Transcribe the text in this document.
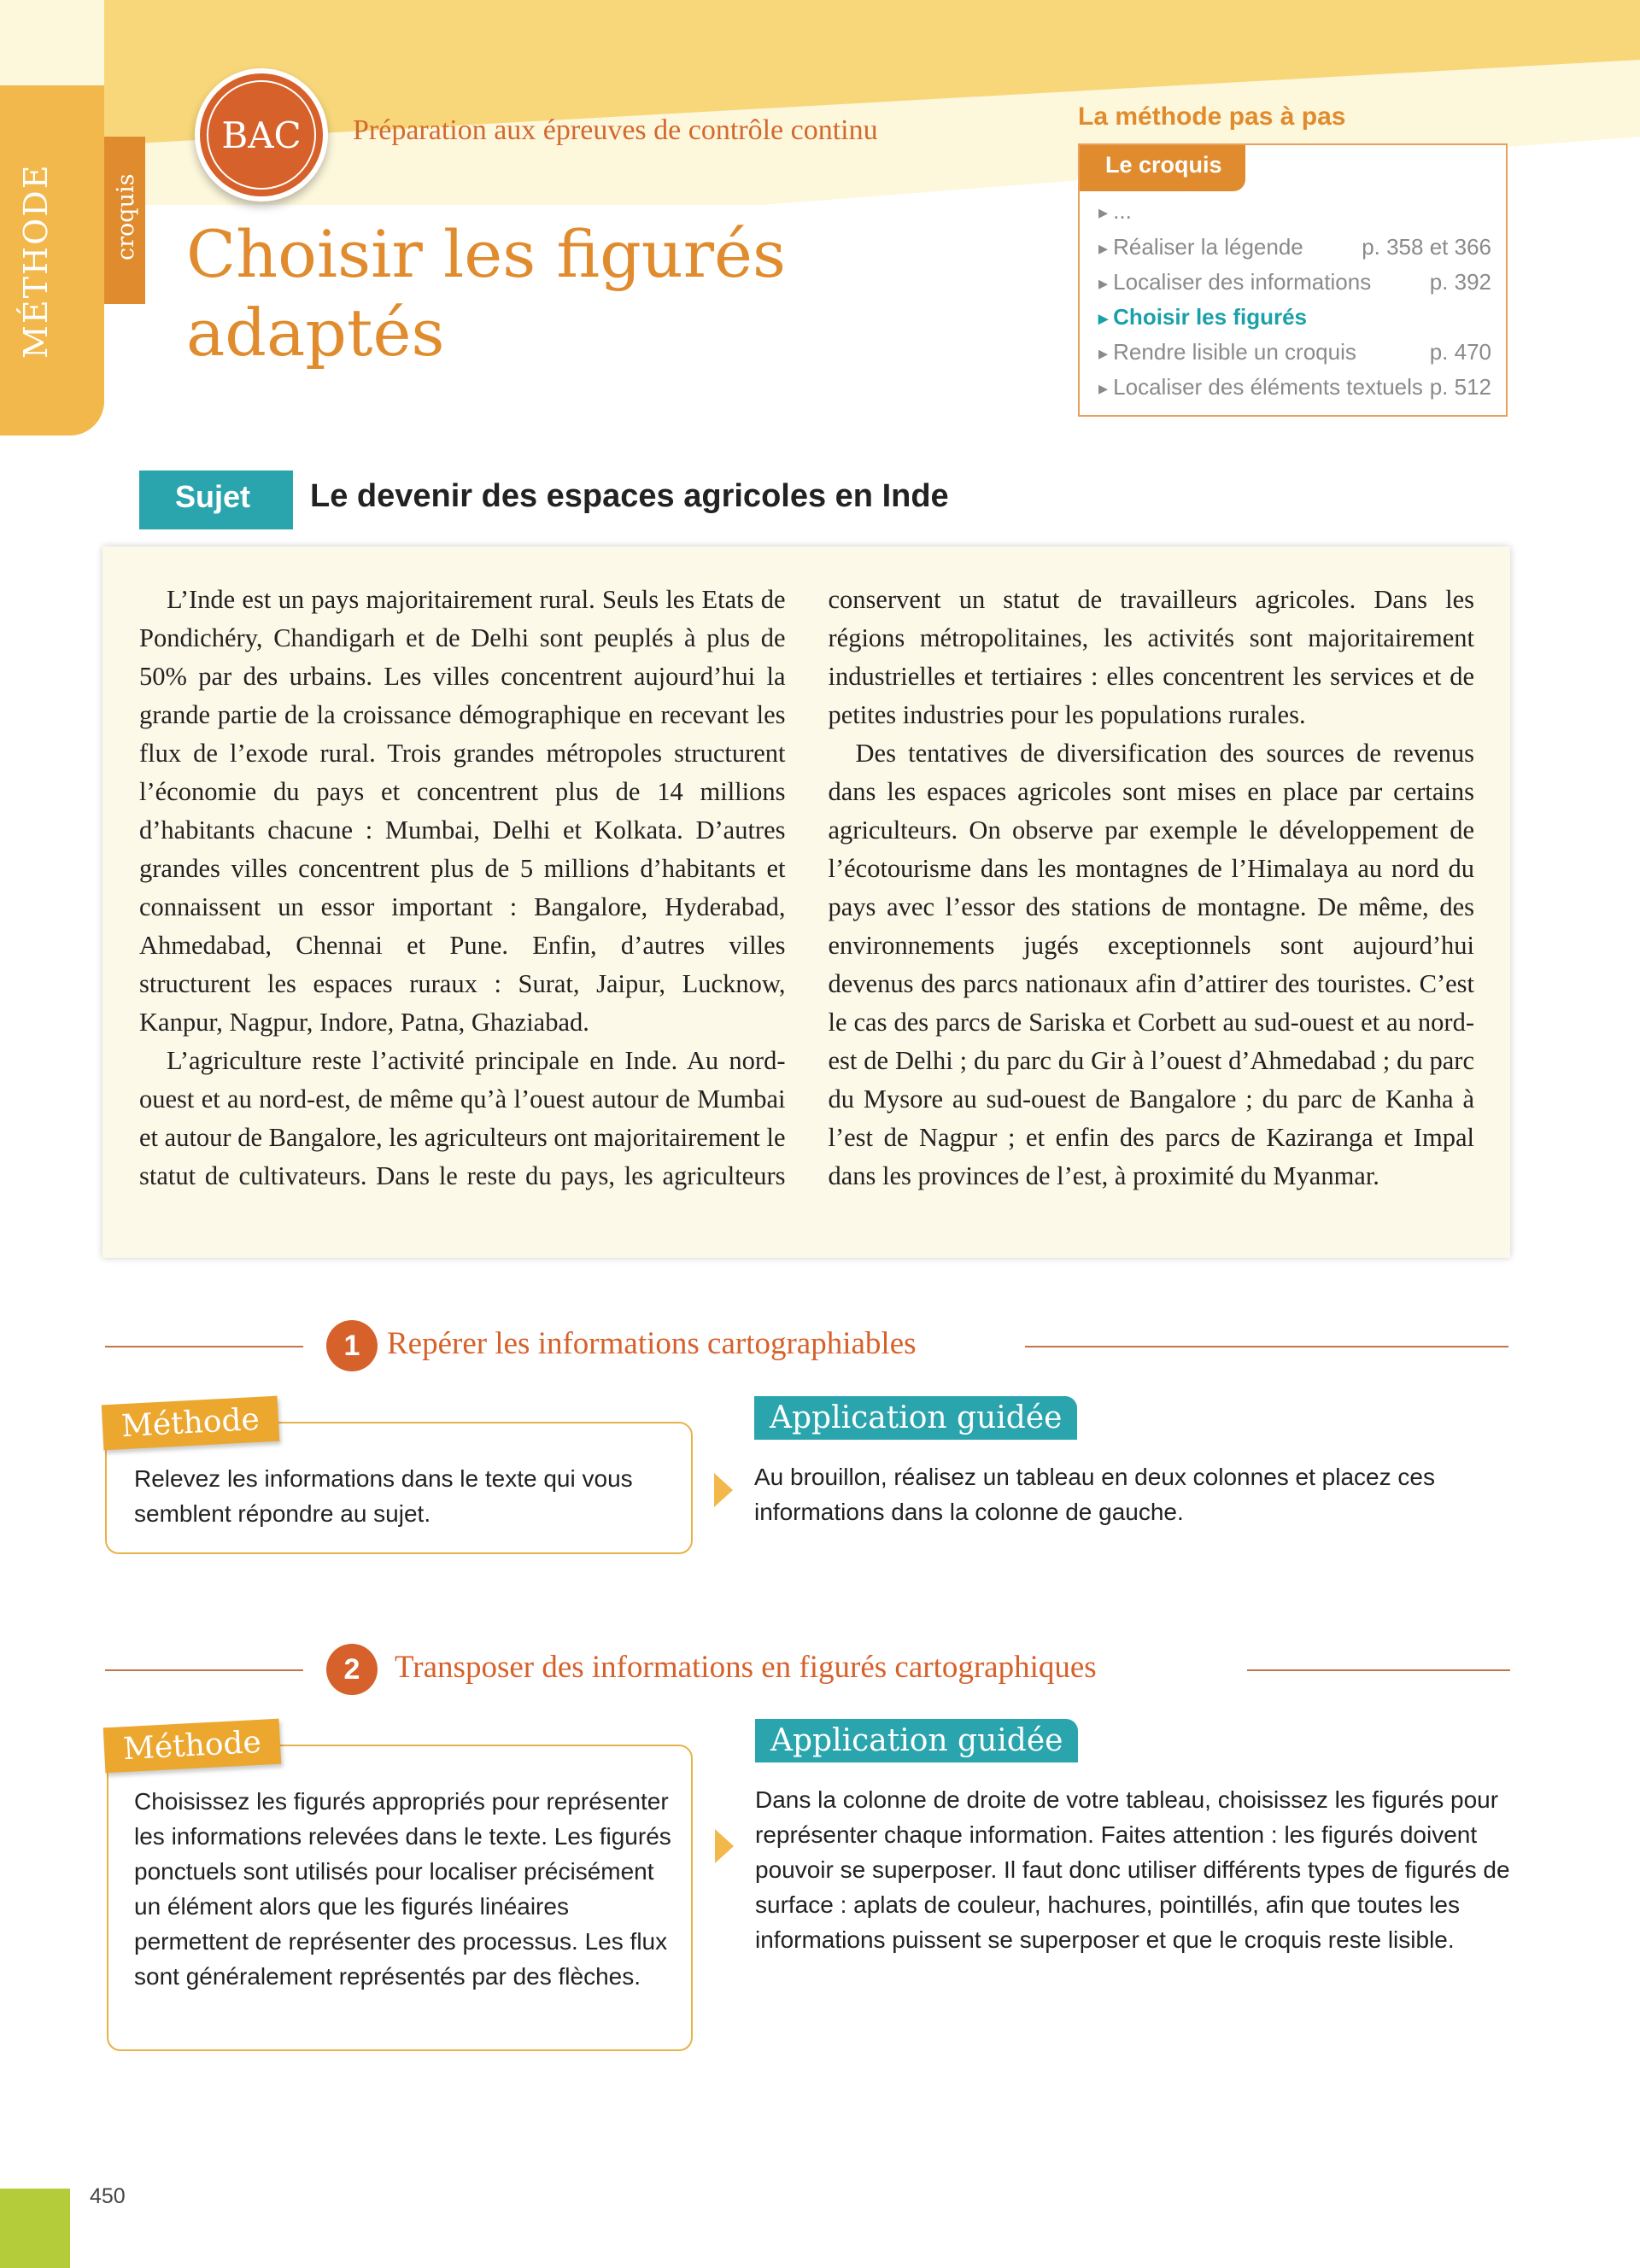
MÉTHODE	croquis
BAC	Préparation aux épreuves de contrôle continu
Choisir les figurés adaptés
La méthode pas à pas
Le croquis
▸ ...
▸ Réaliser la légende	p. 358 et 366
▸ Localiser des informations	p. 392
▸ Choisir les figurés
▸ Rendre lisible un croquis	p. 470
▸ Localiser des éléments textuels p. 512
Sujet	Le devenir des espaces agricoles en Inde

L’Inde est un pays majoritairement rural. Seuls les Etats de Pondichéry, Chandigarh et de Delhi sont peuplés à plus de 50% par des urbains. Les villes concentrent aujourd’hui la grande partie de la croissance démographique en recevant les flux de l’exode rural. Trois grandes métropoles structurent l’économie du pays et concentrent plus de 14 millions d’habitants chacune : Mumbai, Delhi et Kolkata. D’autres grandes villes concentrent plus de 5 millions d’habitants et connaissent un essor important : Bangalore, Hyderabad, Ahmedabad, Chennai et Pune. Enfin, d’autres villes structurent les espaces ruraux : Surat, Jaipur, Lucknow, Kanpur, Nagpur, Indore, Patna, Ghaziabad.

L’agriculture reste l’activité principale en Inde. Au nord-ouest et au nord-est, de même qu’à l’ouest autour de Mumbai et autour de Bangalore, les agriculteurs ont majoritairement le statut de cultivateurs. Dans le reste du pays, les agriculteurs conservent un statut de travailleurs agricoles. Dans les régions métropolitaines, les activités sont majoritairement industrielles et tertiaires : elles concentrent les services et de petites industries pour les populations rurales.

Des tentatives de diversification des sources de revenus dans les espaces agricoles sont mises en place par certains agriculteurs. On observe par exemple le développement de l’écotourisme dans les montagnes de l’Himalaya au nord du pays avec l’essor des stations de montagne. De même, des environnements jugés exceptionnels sont aujourd’hui devenus des parcs nationaux afin d’attirer des touristes. C’est le cas des parcs de Sariska et Corbett au sud-ouest et au nord-est de Delhi ; du parc du Gir à l’ouest d’Ahmedabad ; du parc du Mysore au sud-ouest de Bangalore ; du parc de Kanha à l’est de Nagpur ; et enfin des parcs de Kaziranga et Impal dans les provinces de l’est, à proximité du Myanmar.

1 Repérer les informations cartographiables
Relevez les informations dans le texte qui vous semblent répondre au sujet.
Méthode	Application guidée
Au brouillon, réalisez un tableau en deux colonnes et placez ces informations dans la colonne de gauche.
2	Transposer des informations en figurés cartographiques
Choisissez les figurés appropriés pour représenter les informations relevées dans le texte. Les figurés ponctuels sont utilisés pour localiser précisément un élément alors que les figurés linéaires permettent de représenter des processus. Les flux sont généralement représentés par des flèches.
Méthode	Application guidée
Dans la colonne de droite de votre tableau, choisissez les figurés pour représenter chaque information. Faites attention : les figurés doivent pouvoir se superposer. Il faut donc utiliser différents types de figurés de surface : aplats de couleur, hachures, pointillés, afin que toutes les informations puissent se superposer et que le croquis reste lisible.
450
